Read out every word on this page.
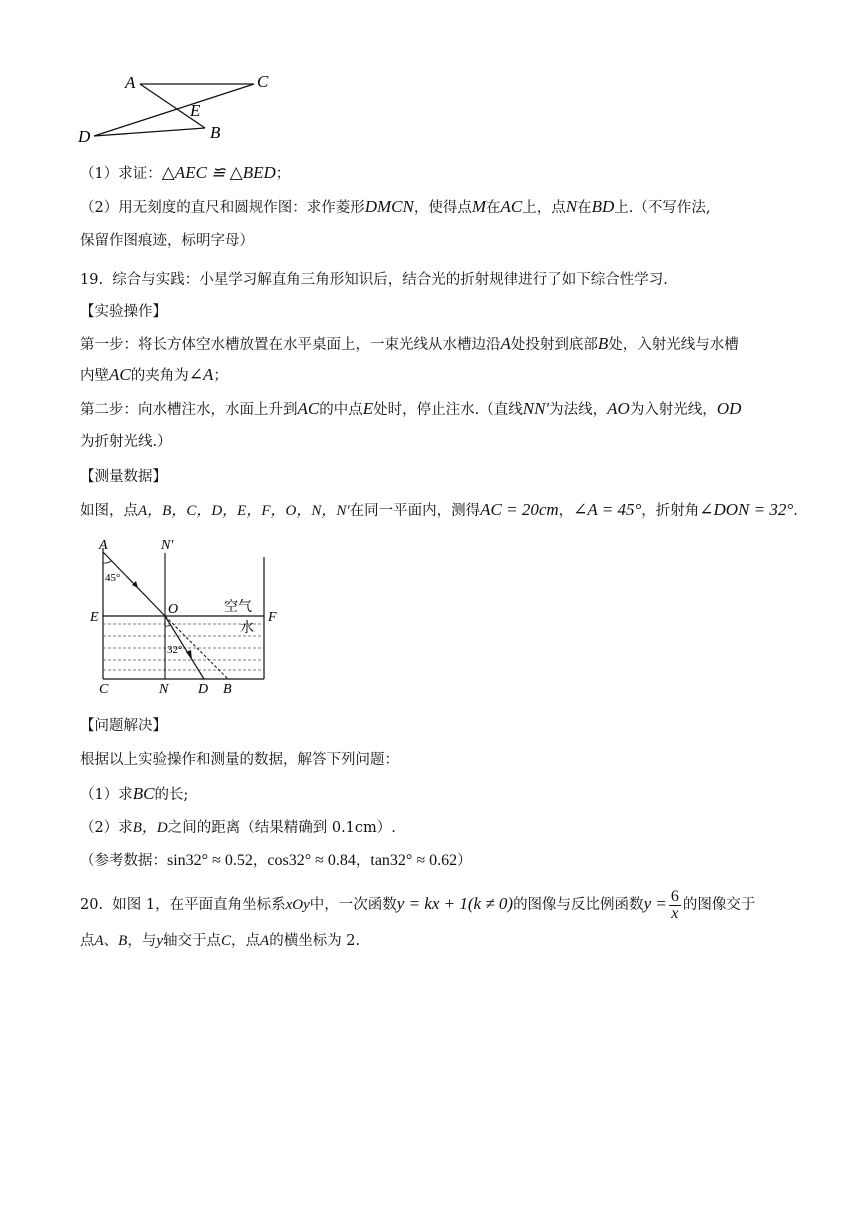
A	C
E
D	B
（1）求证：△AEC ≌ △BED；
（2）用无刻度的直尺和圆规作图：求作菱形DMCN，使得点M在AC上，点N在BD上.（不写作法,
保留作图痕迹，标明字母）
19.  综合与实践：小星学习解直角三角形知识后，结合光的折射规律进行了如下综合性学习.
【实验操作】
第一步：将长方体空水槽放置在水平桌面上，一束光线从水槽边沿A处投射到底部B处，入射光线与水槽
内壁AC的夹角为∠A；
第二步：向水槽注水，水面上升到AC的中点E处时，停止注水.（直线NN′为法线，AO为入射光线，OD
为折射光线.）
【测量数据】
如图，点A，B，C，D，E，F，O，N，N′在同一平面内，测得AC = 20cm，∠A = 45°，折射角∠DON = 32°.
A	N′
45°
E
O
F
空气
水
32°
C	N D B
【问题解决】
根据以上实验操作和测量的数据，解答下列问题：
（1）求BC的长;
（2）求B，D之间的距离（结果精确到 0.1cm）.
（参考数据：sin32° ≈ 0.52，cos32° ≈ 0.84，tan32° ≈ 0.62）
20.  如图 1，在平面直角坐标系xOy中，一次函数y = kx + 1(k ≠ 0)的图像与反比例函数$y = \frac{6}{x}$ 的图像交于
点A、B，与y轴交于点C，点A的横坐标为 2.
